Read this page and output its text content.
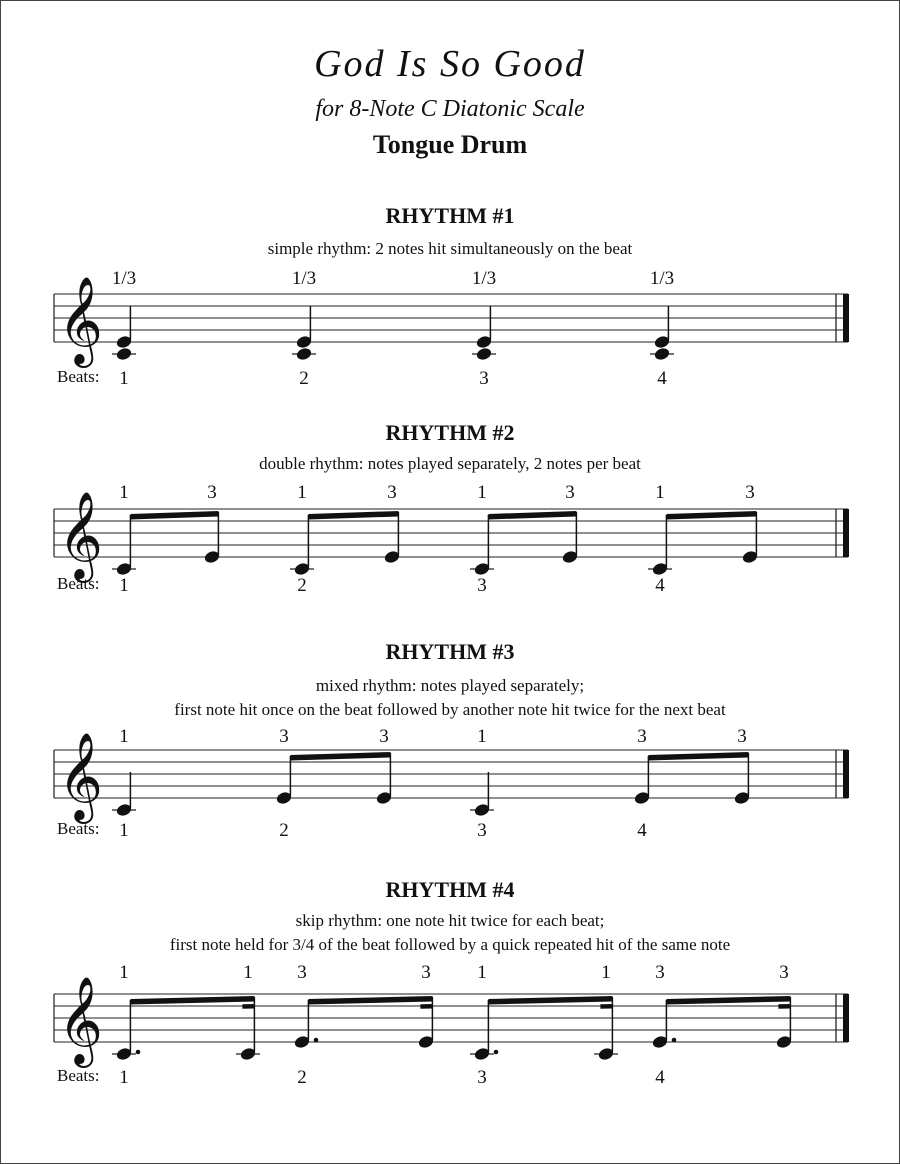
God Is So Good
for 8-Note C Diatonic Scale
Tongue Drum
RHYTHM #1
simple rhythm: 2 notes hit simultaneously on the beat
RHYTHM #2
double rhythm: notes played separately, 2 notes per beat
RHYTHM #3
mixed rhythm: notes played separately;
first note hit once on the beat followed by another note hit twice for the next beat
RHYTHM #4
skip rhythm: one note hit twice for each beat;
first note held for 3/4 of the beat followed by a quick repeated hit of the same note
𝄞
1/3	1/3	1/3	1/3
Beats: 1	2	3	4
𝄞
1	3	1	3	1	3	1	3
Beats: 1	2	3	4
𝄞 1	3	3	1	3	3
Beats: 1	2	3	4
𝄞
1	1 3	3 1	1 3	3
Beats: 1	2	3	4
